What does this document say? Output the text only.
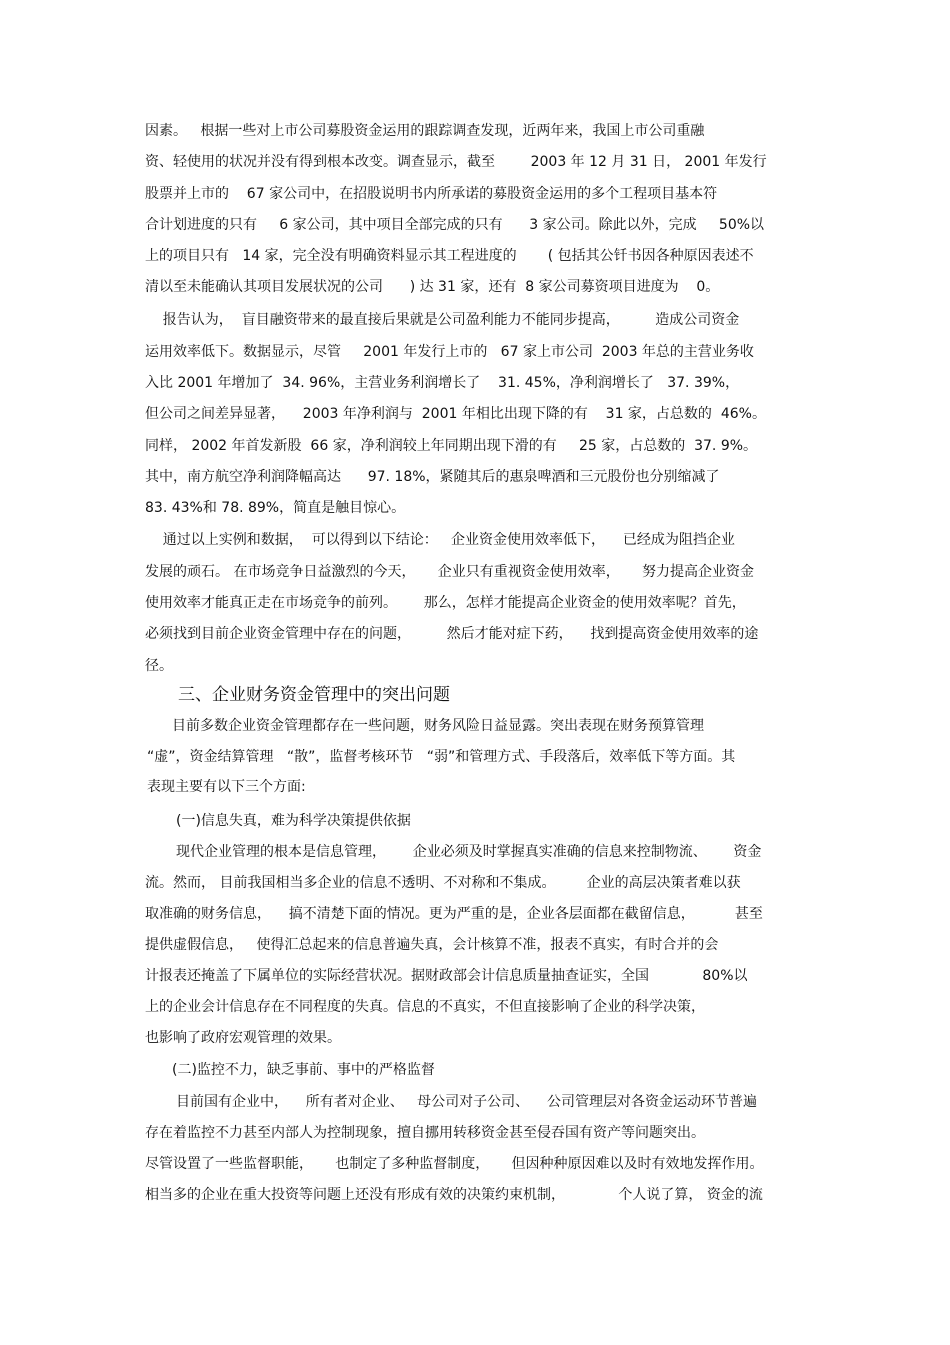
因素。   根据一些对上市公司募股资金运用的跟踪调查发现，近两年来，我国上市公司重融
资、轻使用的状况并没有得到根本改变。调查显示，截至        2003 年 12 月 31 日， 2001 年发行
股票并上市的    67 家公司中，在招股说明书内所承诺的募股资金运用的多个工程项目基本符
合计划进度的只有     6 家公司，其中项目全部完成的只有      3 家公司。除此以外，完成     50%以
上的项目只有   14 家，完全没有明确资料显示其工程进度的       ( 包括其公钎书因各种原因表述不
清以至未能确认其项目发展状况的公司      ) 达 31 家，还有  8 家公司募资项目进度为    0。
报告认为，  盲目融资带来的最直接后果就是公司盈利能力不能同步提高，        造成公司资金
运用效率低下。数据显示，尽管     2001 年发行上市的   67 家上市公司  2003 年总的主营业务收
入比 2001 年增加了  34. 96%，主营业务利润增长了    31. 45%，净利润增长了   37. 39%，
但公司之间差异显著，    2003 年净利润与  2001 年相比出现下降的有    31 家，占总数的  46%。
同样， 2002 年首发新股  66 家，净利润较上年同期出现下滑的有     25 家，占总数的  37. 9%。
其中，南方航空净利润降幅高达      97. 18%，紧随其后的惠泉啤酒和三元股份也分别缩减了
83. 43%和 78. 89%，简直是触目惊心。
通过以上实例和数据，  可以得到以下结论：   企业资金使用效率低下，    已经成为阻挡企业
发展的顽石。 在市场竞争日益激烈的今天，     企业只有重视资金使用效率，     努力提高企业资金
使用效率才能真正走在市场竞争的前列。      那么，怎样才能提高企业资金的使用效率呢？首先，
必须找到目前企业资金管理中存在的问题，        然后才能对症下药，    找到提高资金使用效率的途
径。
三、企业财务资金管理中的突出问题
目前多数企业资金管理都存在一些问题，财务风险日益显露。突出表现在财务预算管理
“虚”，资金结算管理   “散”，监督考核环节   “弱”和管理方式、手段落后，效率低下等方面。其
表现主要有以下三个方面:
(一)信息失真，难为科学决策提供依据
现代企业管理的根本是信息管理，      企业必须及时掌握真实准确的信息来控制物流、      资金
流。然而， 目前我国相当多企业的信息不透明、不对称和不集成。       企业的高层决策者难以获
取准确的财务信息，    搞不清楚下面的情况。更为严重的是，企业各层面都在截留信息，         甚至
提供虚假信息，   使得汇总起来的信息普遍失真，会计核算不准，报表不真实，有时合并的会
计报表还掩盖了下属单位的实际经营状况。据财政部会计信息质量抽查证实，全国            80%以
上的企业会计信息存在不同程度的失真。信息的不真实，不但直接影响了企业的科学决策，
也影响了政府宏观管理的效果。
(二)监控不力，缺乏事前、事中的严格监督
目前国有企业中，    所有者对企业、   母公司对子公司、    公司管理层对各资金运动环节普遍
存在着监控不力甚至内部人为控制现象，擅自挪用转移资金甚至侵吞国有资产等问题突出。
尽管设置了一些监督职能，     也制定了多种监督制度，     但因种种原因难以及时有效地发挥作用。
相当多的企业在重大投资等问题上还没有形成有效的决策约束机制，            个人说了算， 资金的流
